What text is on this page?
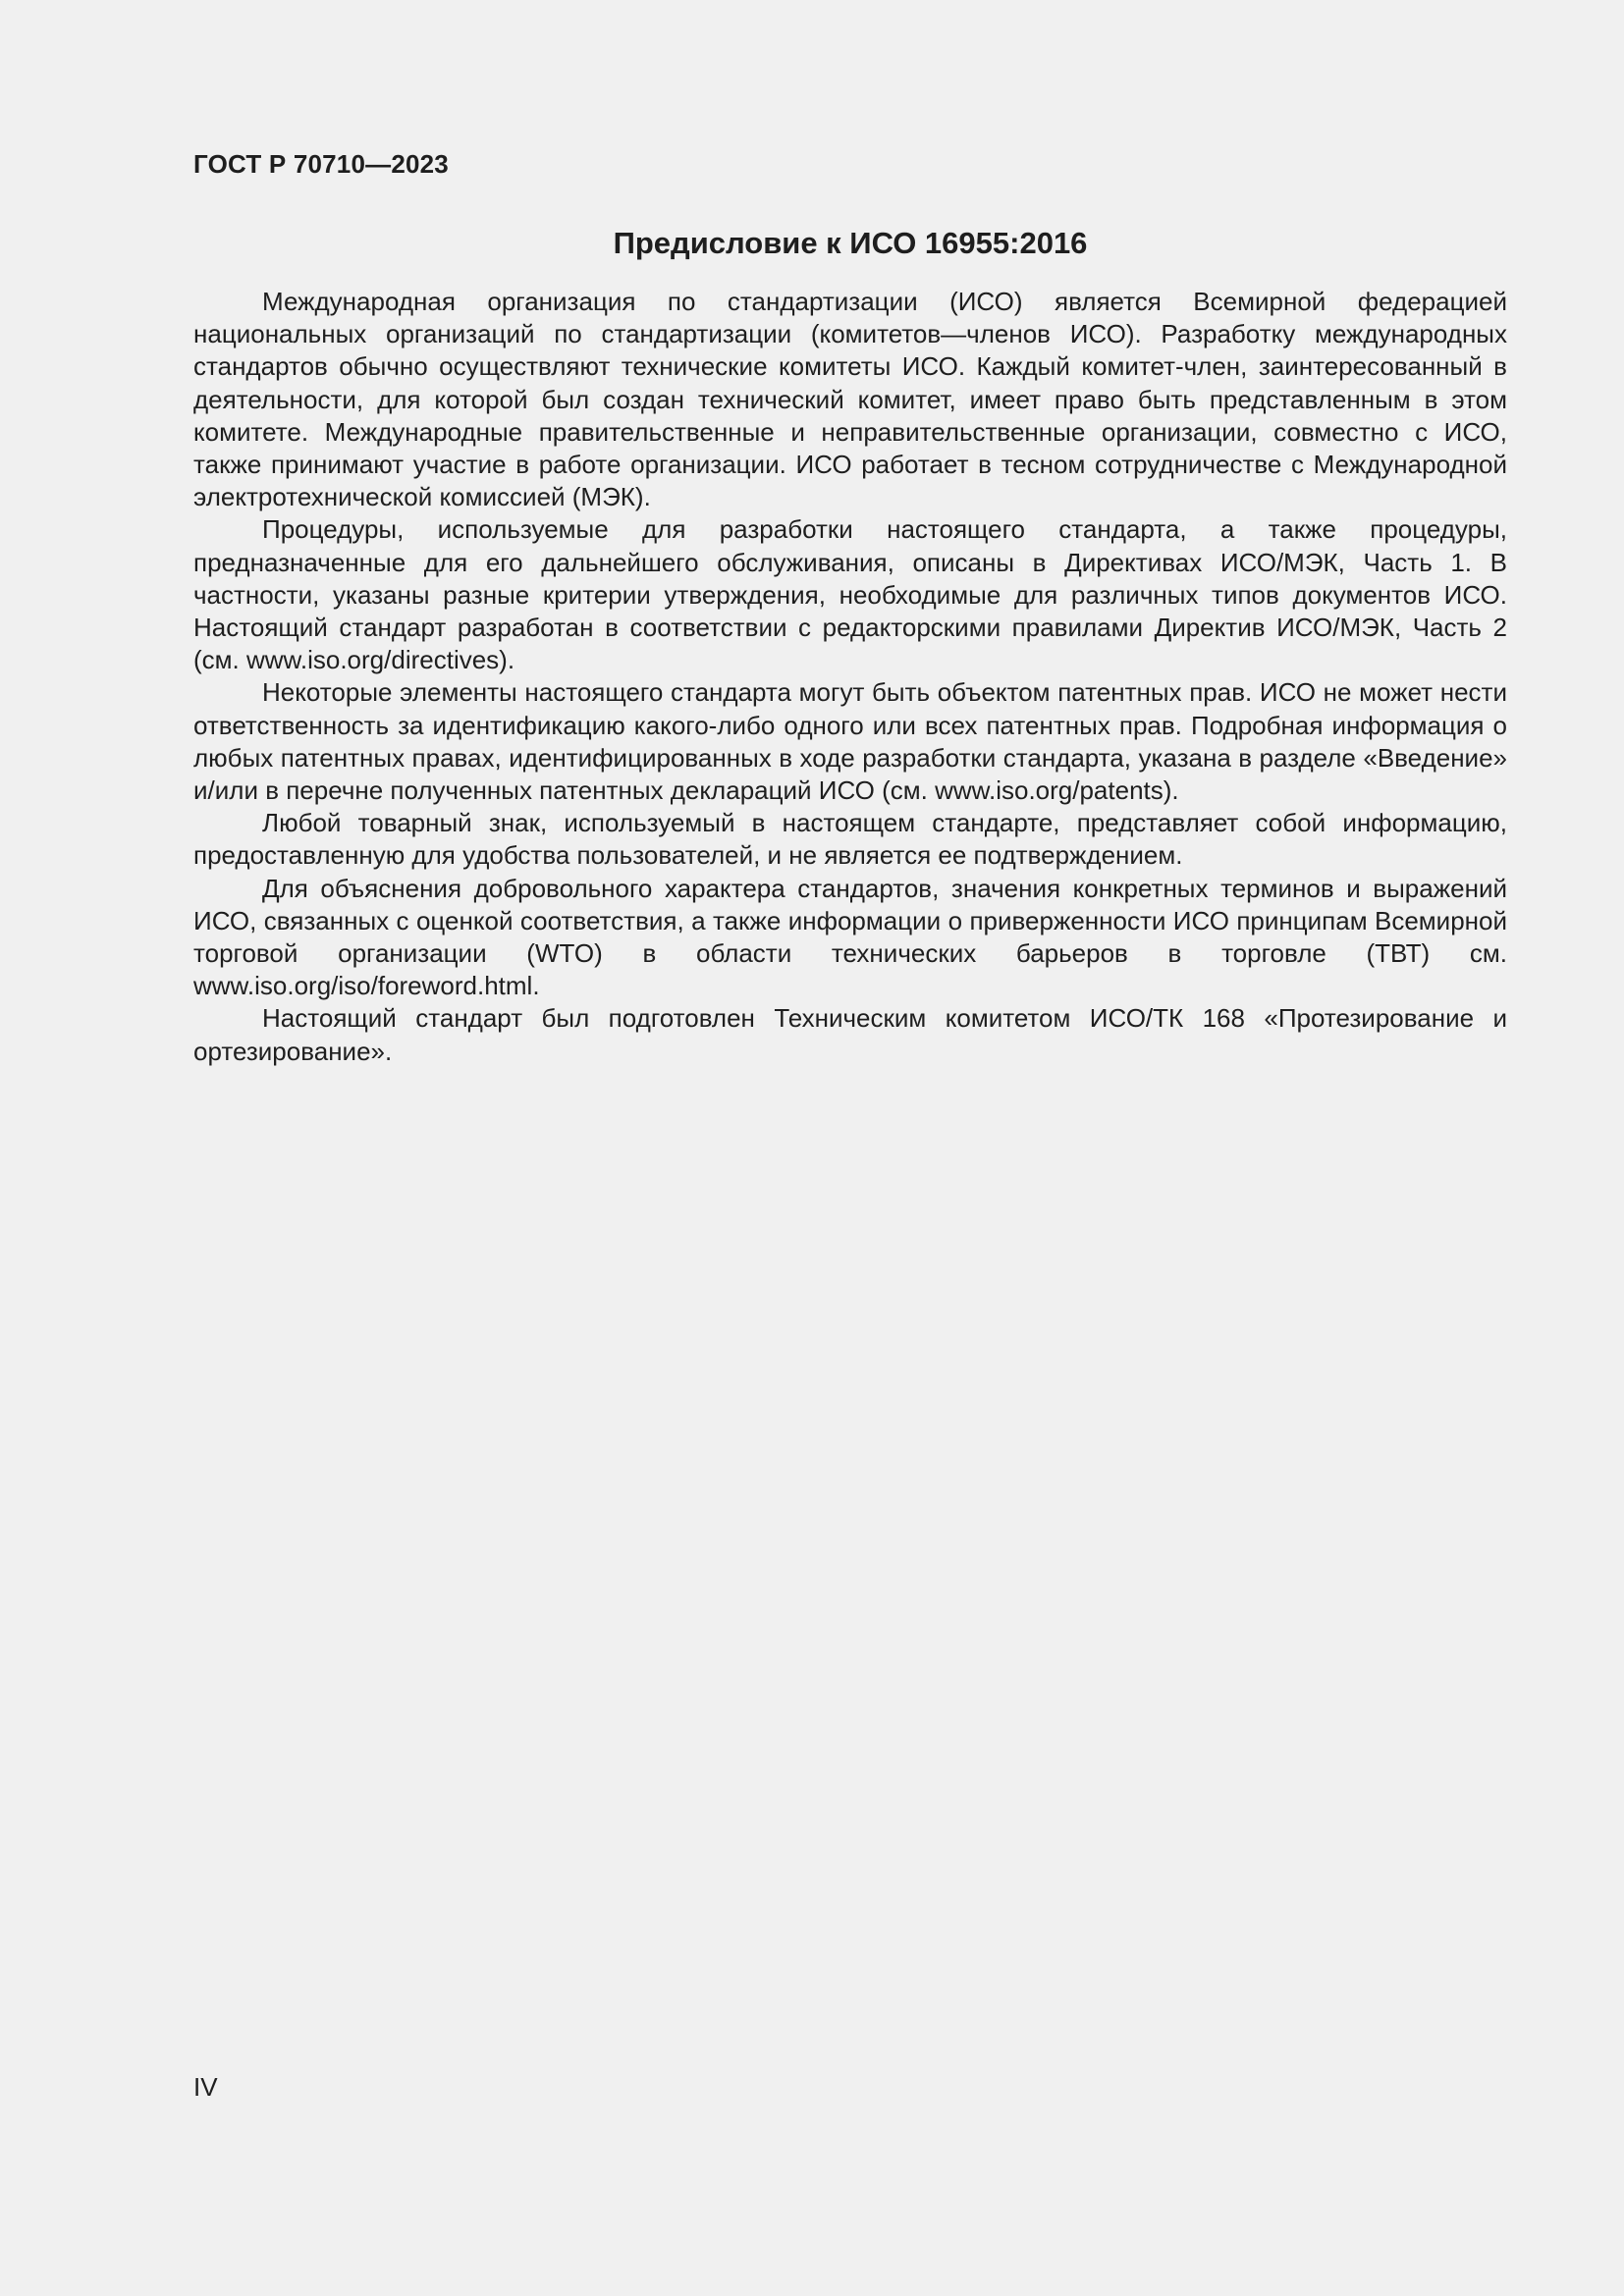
ГОСТ Р 70710—2023
Предисловие к ИСО 16955:2016

Международная организация по стандартизации (ИСО) является Всемирной федерацией национальных организаций по стандартизации (комитетов—членов ИСО). Разработку международных стандартов обычно осуществляют технические комитеты ИСО. Каждый комитет-член, заинтересованный в деятельности, для которой был создан технический комитет, имеет право быть представленным в этом комитете. Международные правительственные и неправительственные организации, совместно с ИСО, также принимают участие в работе организации. ИСО работает в тесном сотрудничестве с Международной электротехнической комиссией (МЭК).

Процедуры, используемые для разработки настоящего стандарта, а также процедуры, предназначенные для его дальнейшего обслуживания, описаны в Директивах ИСО/МЭК, Часть 1. В частности, указаны разные критерии утверждения, необходимые для различных типов документов ИСО. Настоящий стандарт разработан в соответствии с редакторскими правилами Директив ИСО/МЭК, Часть 2 (см. www.iso.org/directives).

Некоторые элементы настоящего стандарта могут быть объектом патентных прав. ИСО не может нести ответственность за идентификацию какого-либо одного или всех патентных прав. Подробная информация о любых патентных правах, идентифицированных в ходе разработки стандарта, указана в разделе «Введение» и/или в перечне полученных патентных деклараций ИСО (см. www.iso.org/patents).

Любой товарный знак, используемый в настоящем стандарте, представляет собой информацию, предоставленную для удобства пользователей, и не является ее подтверждением.

Для объяснения добровольного характера стандартов, значения конкретных терминов и выражений ИСО, связанных с оценкой соответствия, а также информации о приверженности ИСО принципам Всемирной торговой организации (WTO) в области технических барьеров в торговле (ТВТ) см. www.iso.org/iso/foreword.html.

Настоящий стандарт был подготовлен Техническим комитетом ИСО/ТК 168 «Протезирование и ортезирование».

IV
